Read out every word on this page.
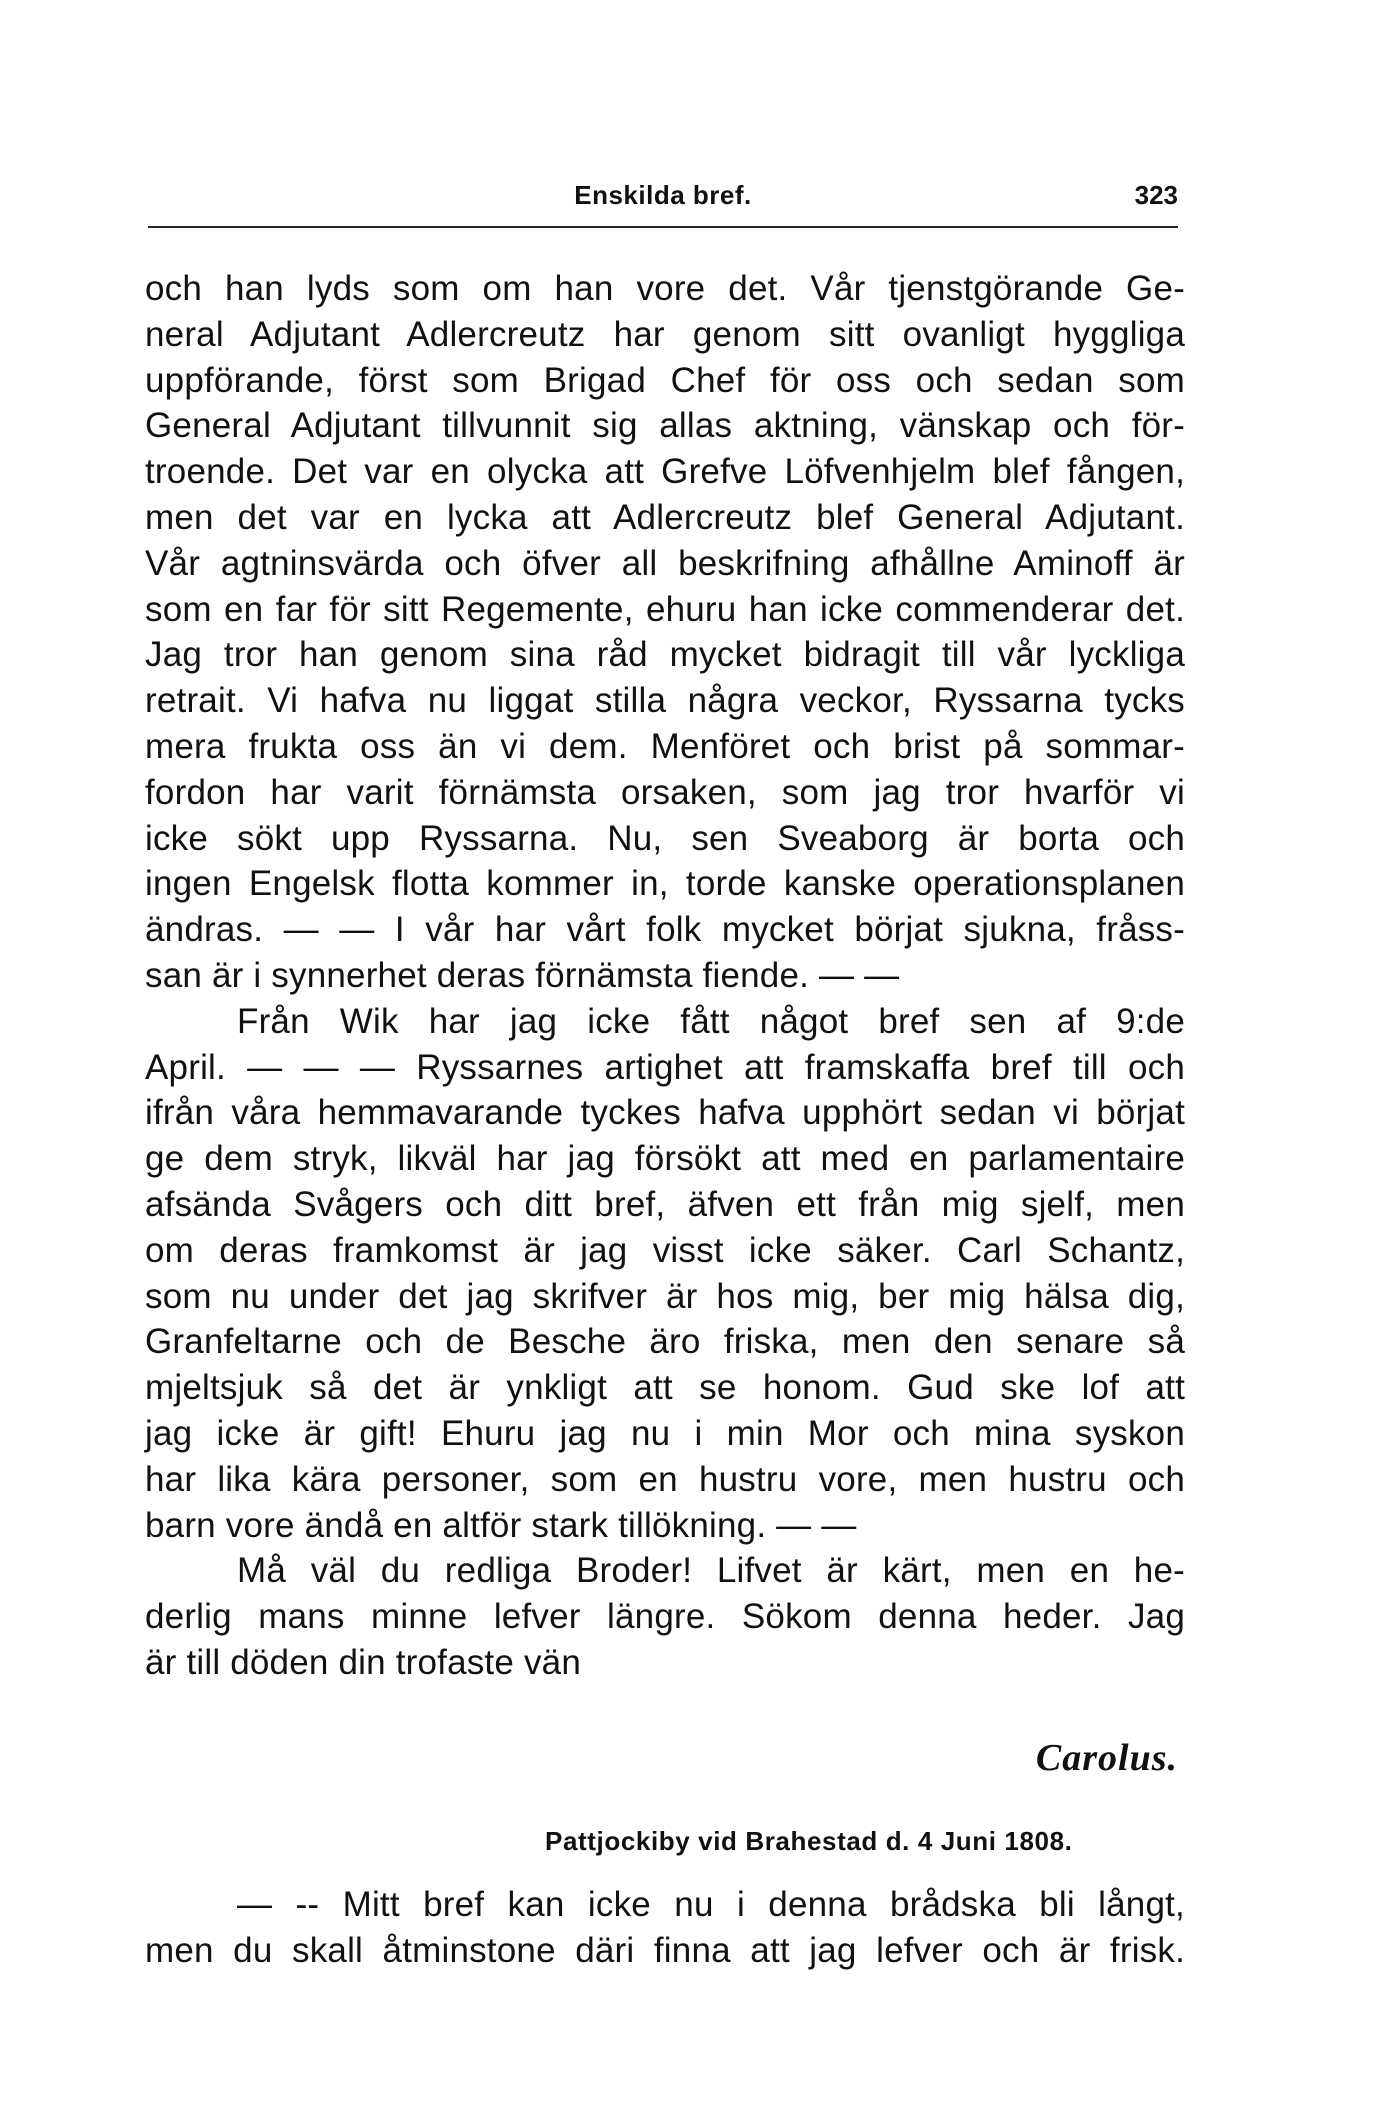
Enskilda bref.	323
och han lyds som om han vore det. Vår tjenstgörande Ge-
neral Adjutant Adlercreutz har genom sitt ovanligt hyggliga
uppförande, först som Brigad Chef för oss och sedan som
General Adjutant tillvunnit sig allas aktning, vänskap och för-
troende. Det var en olycka att Grefve Löfvenhjelm blef fången,
men det var en lycka att Adlercreutz blef General Adjutant.
Vår agtninsvärda och öfver all beskrifning afhållne Aminoff är
som en far för sitt Regemente, ehuru han icke commenderar det.
Jag tror han genom sina råd mycket bidragit till vår lyckliga
retrait. Vi hafva nu liggat stilla några veckor, Ryssarna tycks
mera frukta oss än vi dem. Menföret och brist på sommar-
fordon har varit förnämsta orsaken, som jag tror hvarför vi
icke sökt upp Ryssarna. Nu, sen Sveaborg är borta och
ingen Engelsk flotta kommer in, torde kanske operationsplanen
ändras. — — I vår har vårt folk mycket börjat sjukna, fråss-
san är i synnerhet deras förnämsta fiende. — —
Från Wik har jag icke fått något bref sen af 9:de
April. — — — Ryssarnes artighet att framskaffa bref till och
ifrån våra hemmavarande tyckes hafva upphört sedan vi börjat
ge dem stryk, likväl har jag försökt att med en parlamentaire
afsända Svågers och ditt bref, äfven ett från mig sjelf, men
om deras framkomst är jag visst icke säker. Carl Schantz,
som nu under det jag skrifver är hos mig, ber mig hälsa dig,
Granfeltarne och de Besche äro friska, men den senare så
mjeltsjuk så det är ynkligt att se honom. Gud ske lof att
jag icke är gift! Ehuru jag nu i min Mor och mina syskon
har lika kära personer, som en hustru vore, men hustru och
barn vore ändå en altför stark tillökning. — —
Må väl du redliga Broder! Lifvet är kärt, men en he-
derlig mans minne lefver längre. Sökom denna heder. Jag
är till döden din trofaste vän
Carolus.
Pattjockiby vid Brahestad d. 4 Juni 1808.
— -- Mitt bref kan icke nu i denna brådska bli långt,
men du skall åtminstone däri finna att jag lefver och är frisk.
